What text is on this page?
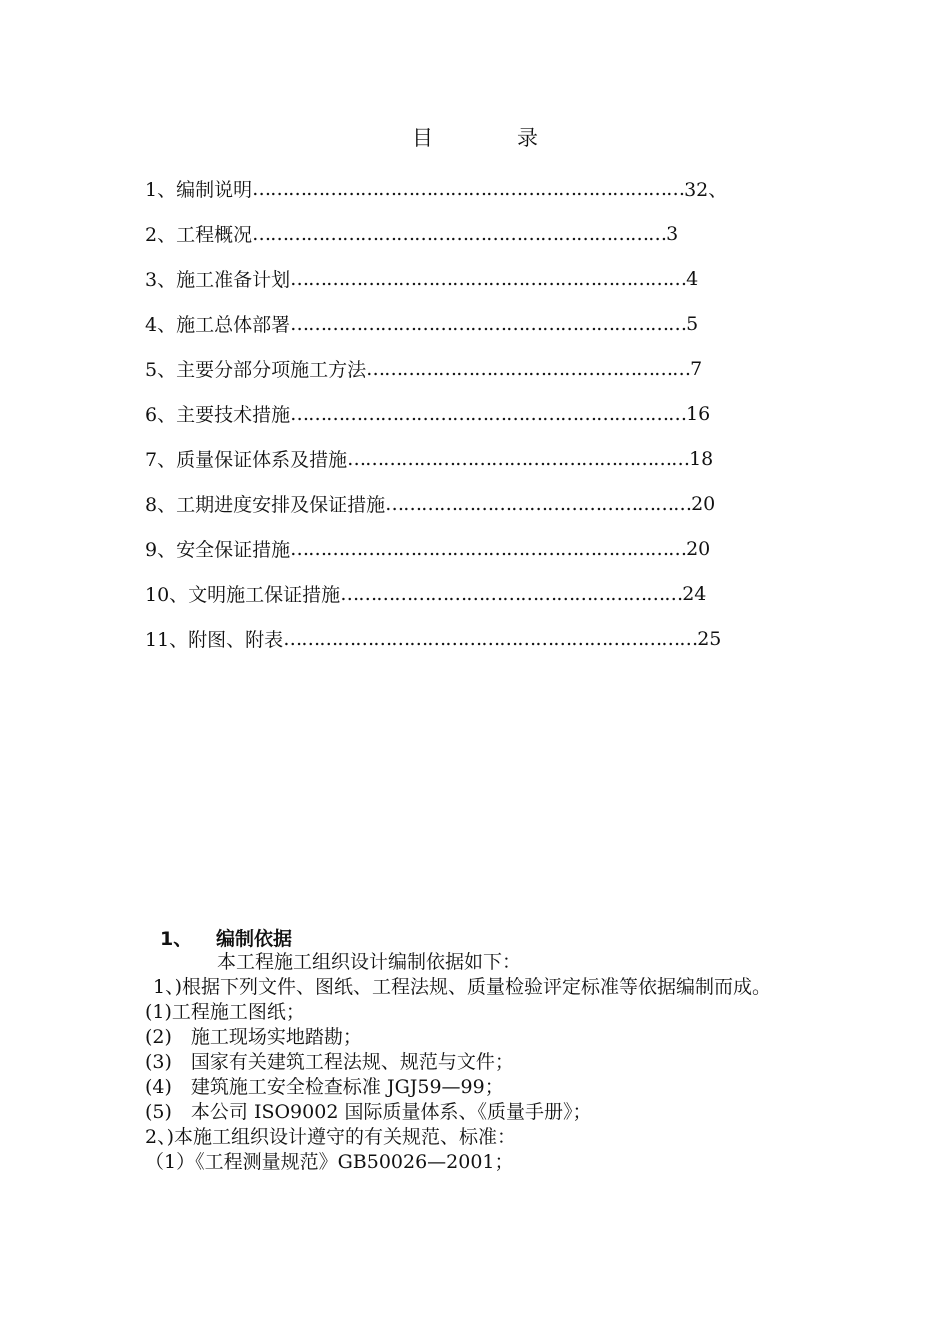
目　　　　录
1、编制说明 ……………………………………………………………… 32、
2、工程概况 …………………………………………………………… 3
3、施工准备计划 ………………………………………………………… 4
4、施工总体部署 ………………………………………………………… 5
5、主要分部分项施工方法 ……………………………………………… 7
6、主要技术措施 ………………………………………………………… 16
7、质量保证体系及措施 ………………………………………………… 18
8、工期进度安排及保证措施 …………………………………………… 20
9、安全保证措施 ………………………………………………………… 20
10、文明施工保证措施 ………………………………………………… 24
11、附图、附表 …………………………………………………………… 25
1、 编制依据

本工程施工组织设计编制依据如下：

1、)根据下列文件、图纸、工程法规、质量检验评定标准等依据编制而成。

(1)工程施工图纸；

(2)　施工现场实地踏勘；

(3)　国家有关建筑工程法规、规范与文件；

(4)　建筑施工安全检查标准 JGJ59—99；

(5)　本公司 ISO9002 国际质量体系、《质量手册》；

2、)本施工组织设计遵守的有关规范、标准：

（1）《工程测量规范》GB50026—2001；
